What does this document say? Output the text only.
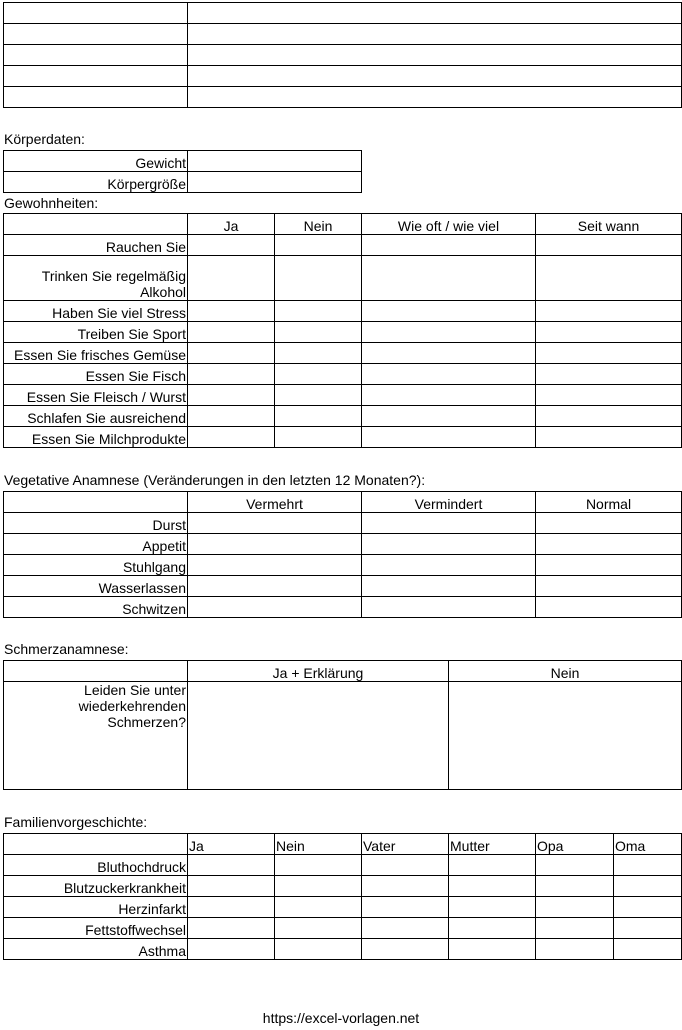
Körperdaten:
Gewicht	
Körpergröße	
Gewohnheiten:
	Ja	Nein	Wie oft / wie viel	Seit wann
Rauchen Sie				
Trinken Sie regelmäßig Alkohol				
Haben Sie viel Stress				
Treiben Sie Sport				
Essen Sie frisches Gemüse				
Essen Sie Fisch				
Essen Sie Fleisch / Wurst				
Schlafen Sie ausreichend				
Essen Sie Milchprodukte				
Vegetative Anamnese (Veränderungen in den letzten 12 Monaten?):
	Vermehrt	Vermindert	Normal
Durst			
Appetit			
Stuhlgang			
Wasserlassen			
Schwitzen			
Schmerzanamnese:
	Ja + Erklärung	Nein
Leiden Sie unter wiederkehrenden Schmerzen?		
Familienvorgeschichte:
	Ja	Nein	Vater	Mutter	Opa	Oma
Bluthochdruck						
Blutzuckerkrankheit						
Herzinfarkt						
Fettstoffwechsel						
Asthma						
https://excel-vorlagen.net
